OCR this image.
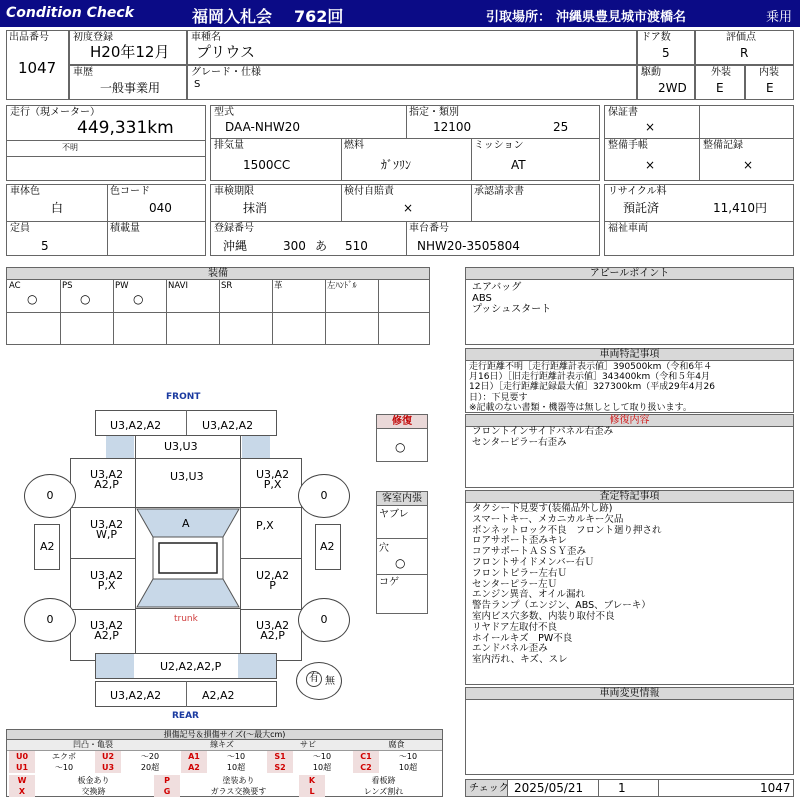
Condition Check	福岡入札会 762回	引取場所： 沖縄県豊見城市渡橋名	乗用
出品番号
1047
初度登録
H20年12月
車歴
一般事業用
車種名
プリウス
グレード・仕様
S
ドア数
5
評価点
R
駆動
2WD
外装
E
内装
E
走行（現メーター）
449,331km
不明
型式
DAA-NHW20
指定・類別
12100	25
排気量
1500CC
燃料
ｶﾞｿﾘﾝ
ミッション
AT
保証書
×
整備手帳
×
整備記録
×
車体色
白
色コード
040
定員
5
積載量
車検期限
抹消
検付自賠責
×
承認請求書
登録番号
沖縄	300 あ 510
車台番号
NHW20-3505804
リサイクル料
預託済	11,410円
福祉車両
装備
AC
○
PS
○
PW
○
NAVI	SR	革	左ﾊﾝﾄﾞﾙ
アピールポイント
エアバッグ
ABS
プッシュスタート
車両特記事項
走行距離不明［走行距離計表示値］390500km（令和6年４
月16日）［旧走行距離計表示値］343400km（令和５年4月
12日）［走行距離記録最大値］327300km（平成29年4月26
日）：下見要す
※記載のない書類・機器等は無しとして取り扱います。
修復内容
フロントインサイドパネル右歪み
センターピラー右歪み
査定特記事項
タクシー下見要す(装備品外し跡)
スマートキー、メカニカルキー欠品
ボンネットロック不良　フロント廻り押され
ロアサポート歪みキレ
コアサポートＡＳＳＹ歪み
フロントサイドメンバー右Ｕ
フロントピラー左右Ｕ
センターピラー左Ｕ
エンジン異音、オイル漏れ
警告ランプ（エンジン、ABS、ブレーキ）
室内ビス穴多数、内装り取付不良
リヤドア左取付不良
ホイールキズ　PW不良
エンドパネル歪み
室内汚れ、キズ、スレ
車両変更情報
チェック 2025/05/21	1	1047
FRONT
U3,A2,A2	U3,A2,A2
U3,U3
U3,U3
U3,A2
A2,P
U3,A2
P,X
U3,A2
W,P
P,X
U3,A2
P,X
U2,A2
P
U3,A2
A2,P
U3,A2
A2,P
A
trunk
U2,A2,A2,P
U3,A2,A2	A2,A2
REAR
A2	A2
0	0
0	0
有 無
修復
○
客室内張
ヤブレ
穴
○
コゲ
損傷記号＆損傷サイズ(～最大cm)
凹凸・亀裂	線キズ	サビ	腐食
U0	エクボ	U2	～20	A1	～10	S1	～10	C1	～10
U1	～10	U3	20超	A2	10超	S2	10超	C2	10超
W	板金あり	P	塗装あり	K	看板跡
X	交換跡	G	ガラス交換要す	L	レンズ割れ
